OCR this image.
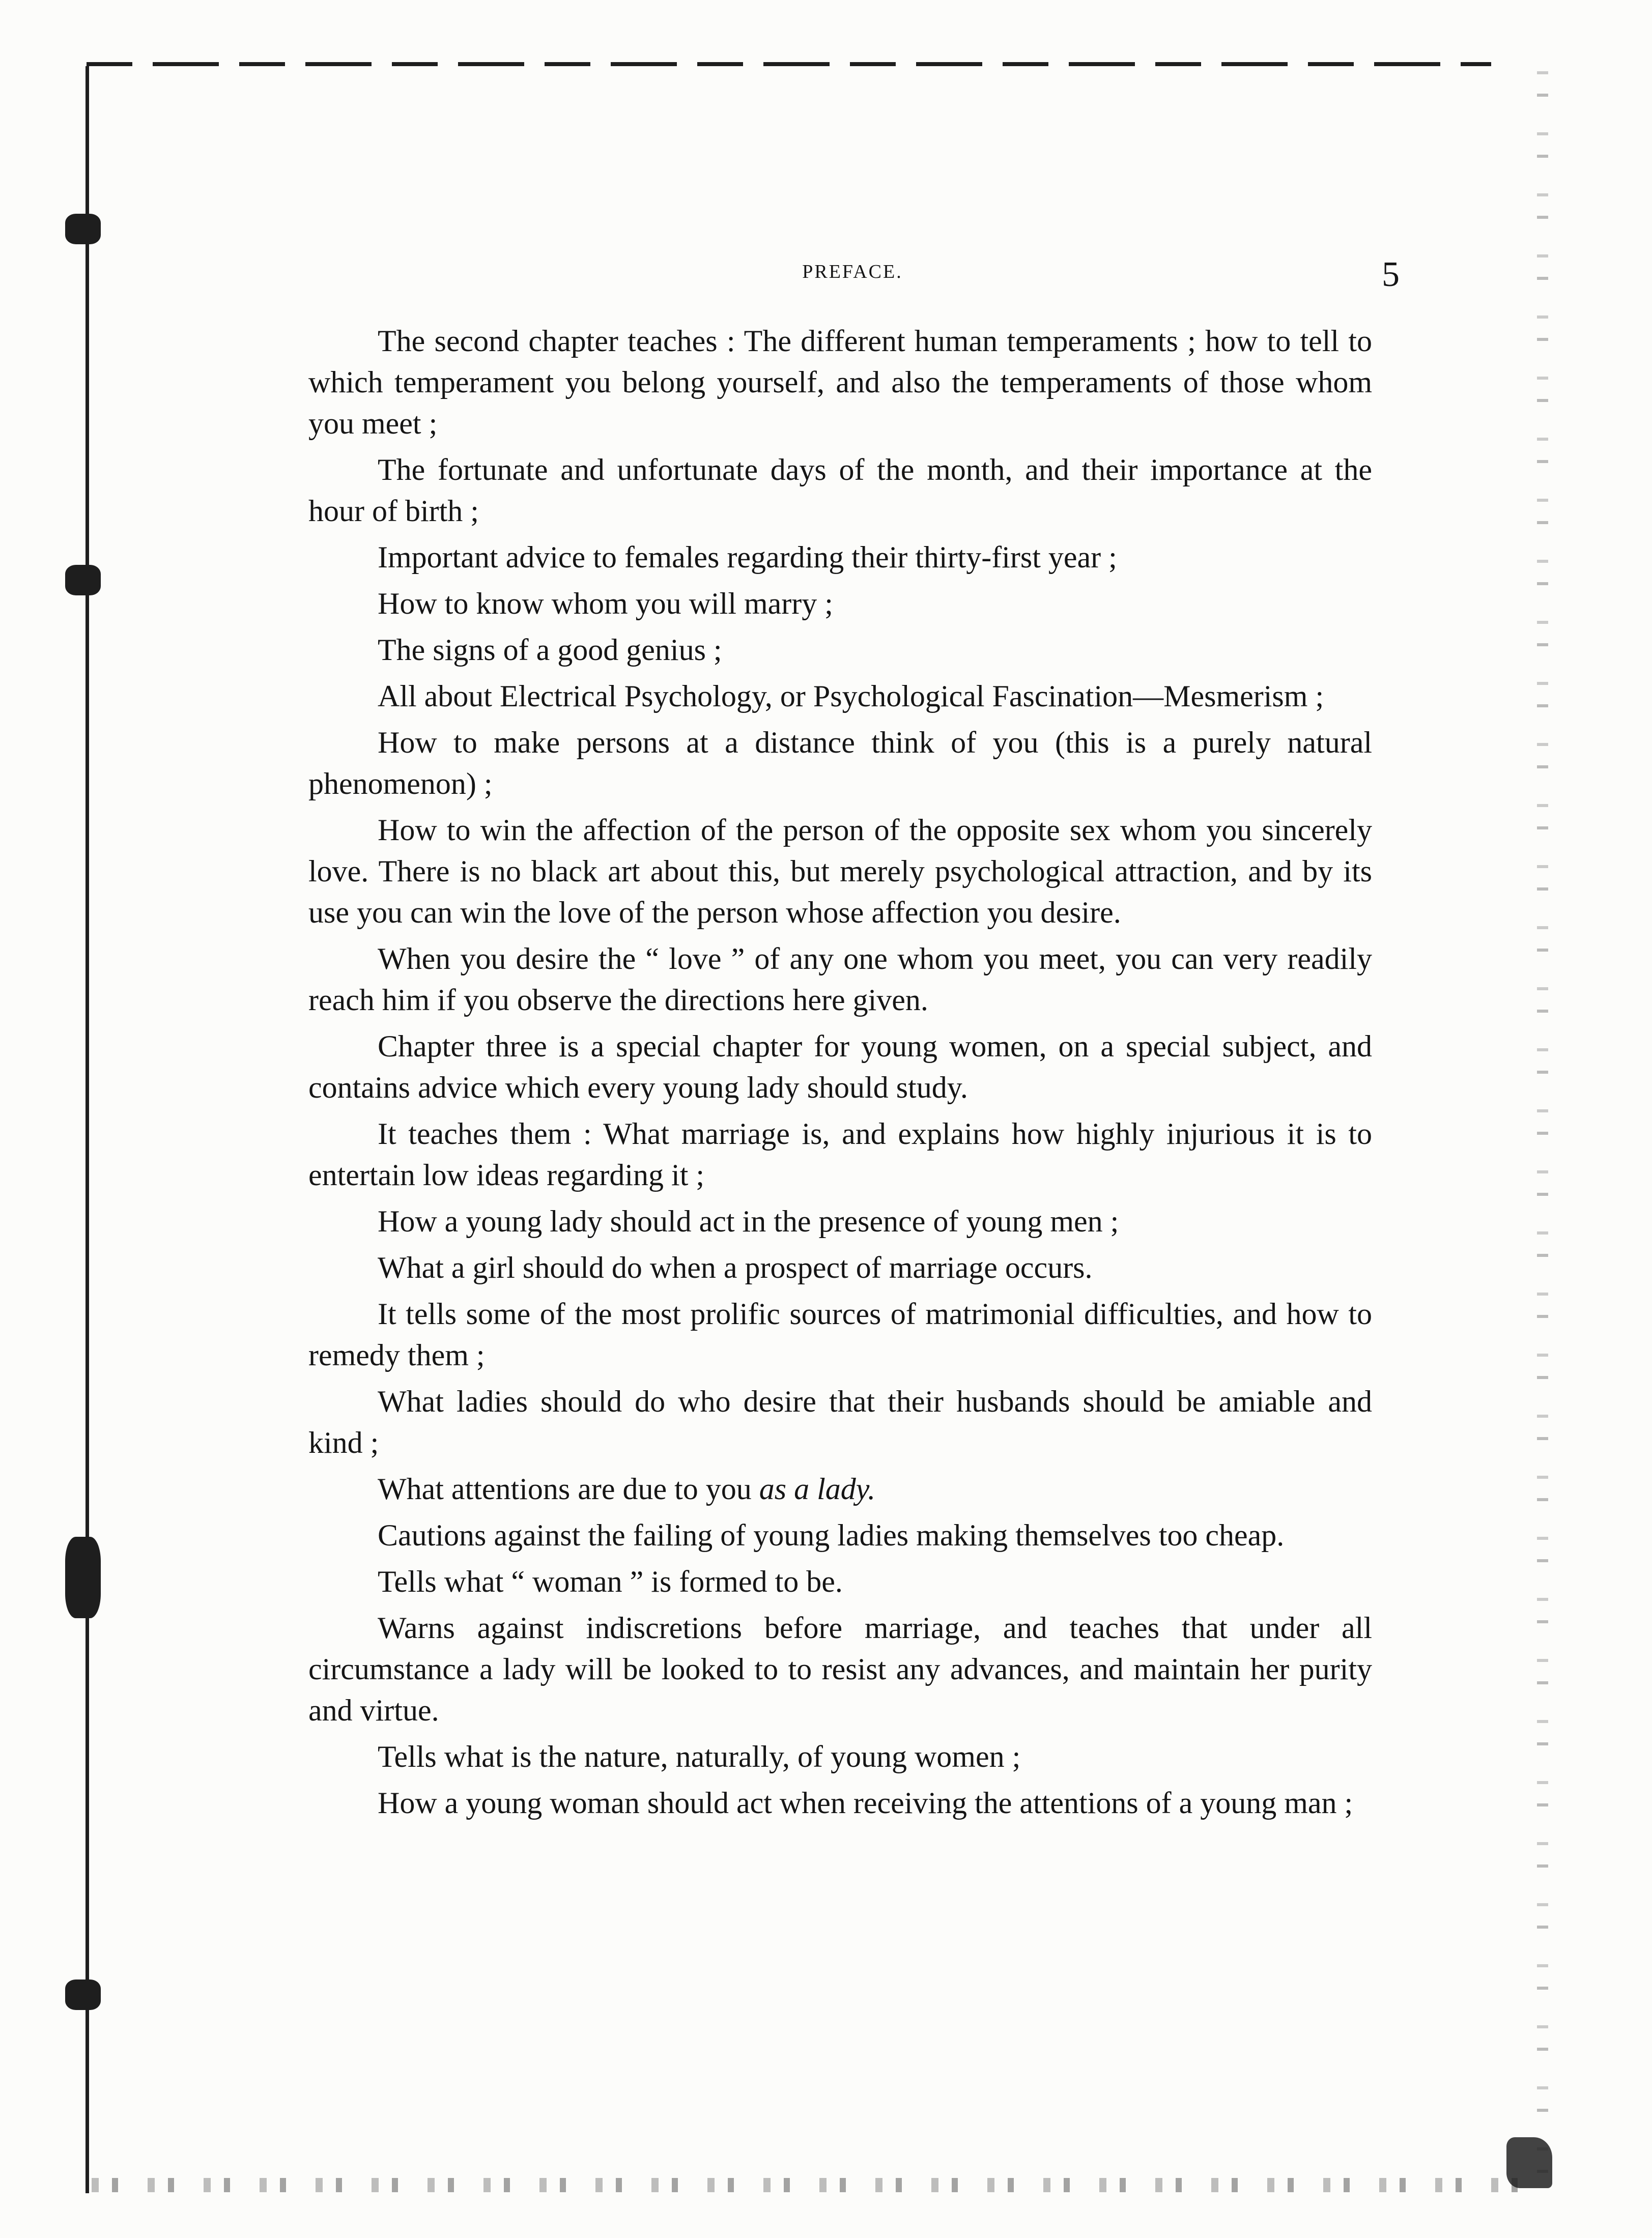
PREFACE.	5

The second chapter teaches : The different human temperaments ; how to tell to which temperament you belong yourself, and also the temperaments of those whom you meet ;

The fortunate and unfortunate days of the month, and their importance at the hour of birth ;

Important advice to females regarding their thirty-first year ;

How to know whom you will marry ;

The signs of a good genius ;

All about Electrical Psychology, or Psychological Fascination—Mesmerism ;

How to make persons at a distance think of you (this is a purely natural phenomenon) ;

How to win the affection of the person of the opposite sex whom you sincerely love. There is no black art about this, but merely psychological attraction, and by its use you can win the love of the person whose affection you desire.

When you desire the “ love ” of any one whom you meet, you can very readily reach him if you observe the directions here given.

Chapter three is a special chapter for young women, on a special subject, and contains advice which every young lady should study.

It teaches them : What marriage is, and explains how highly injurious it is to entertain low ideas regarding it ;

How a young lady should act in the presence of young men ;

What a girl should do when a prospect of marriage occurs.

It tells some of the most prolific sources of matrimonial difficulties, and how to remedy them ;

What ladies should do who desire that their husbands should be amiable and kind ;

What attentions are due to you as a lady.

Cautions against the failing of young ladies making themselves too cheap.

Tells what “ woman ” is formed to be.

Warns against indiscretions before marriage, and teaches that under all circumstance a lady will be looked to to resist any advances, and maintain her purity and virtue.

Tells what is the nature, naturally, of young women ;

How a young woman should act when receiving the attentions of a young man ;
